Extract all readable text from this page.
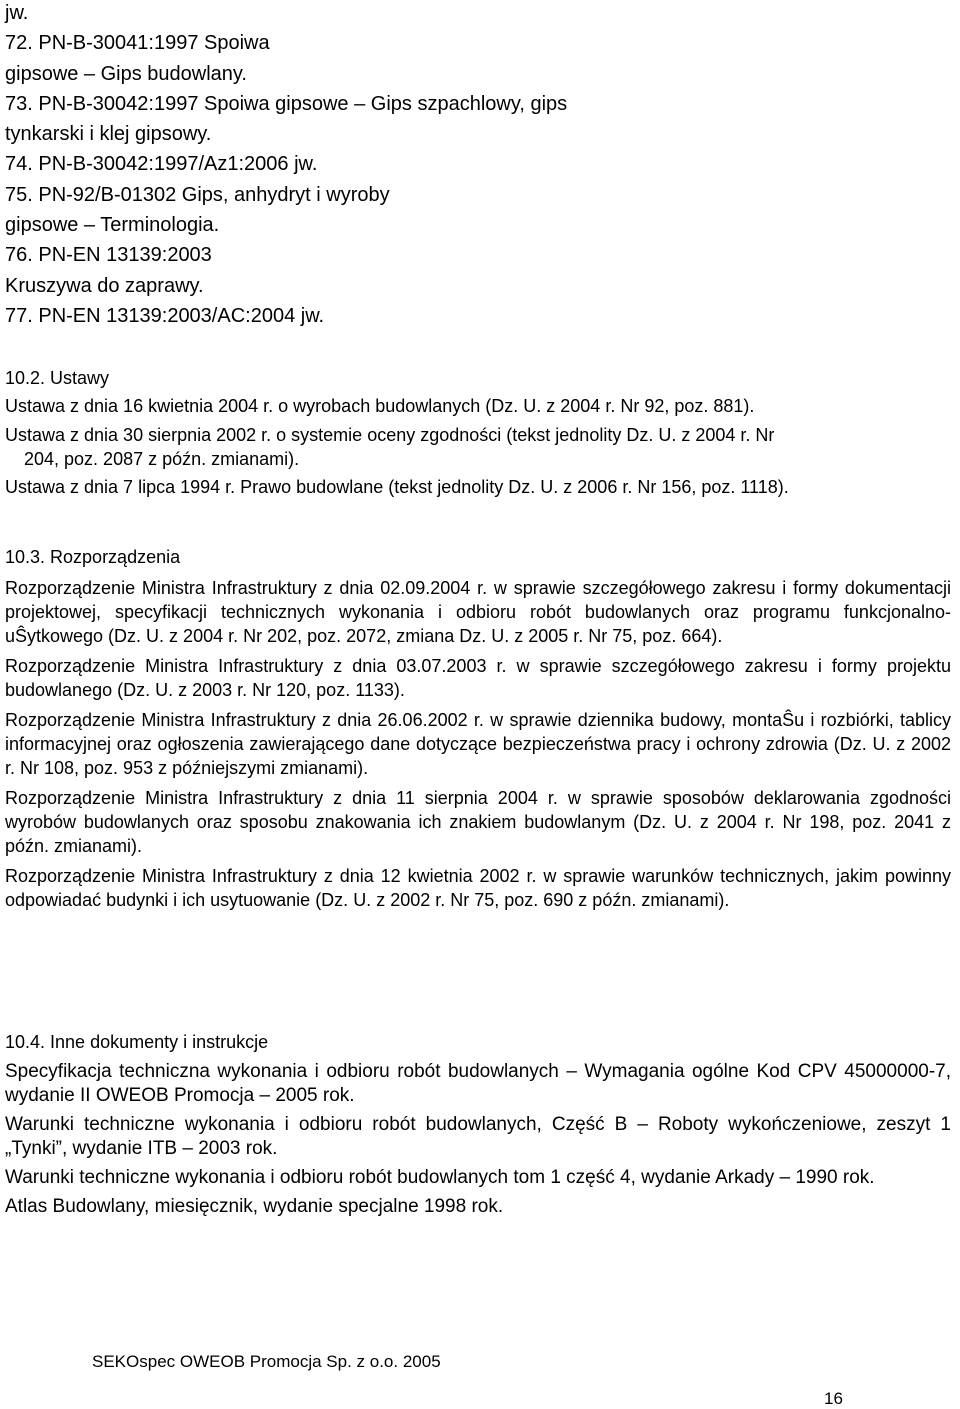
jw.
72. PN-B-30041:1997 Spoiwa
gipsowe – Gips budowlany.
73. PN-B-30042:1997 Spoiwa gipsowe – Gips szpachlowy, gips
tynkarski i klej gipsowy.
74. PN-B-30042:1997/Az1:2006 jw.
75. PN-92/B-01302 Gips, anhydryt i wyroby
gipsowe – Terminologia.
76. PN-EN 13139:2003
Kruszywa do zaprawy.
77. PN-EN 13139:2003/AC:2004 jw.
10.2. Ustawy
Ustawa z dnia 16 kwietnia 2004 r. o wyrobach budowlanych (Dz. U. z 2004 r. Nr 92, poz. 881).
Ustawa z dnia 30 sierpnia 2002 r. o systemie oceny zgodności (tekst jednolity Dz. U. z 2004 r. Nr
204, poz. 2087 z późn. zmianami).
Ustawa z dnia 7 lipca 1994 r. Prawo budowlane (tekst jednolity Dz. U. z 2006 r. Nr 156, poz. 1118).
10.3. Rozporządzenia
Rozporządzenie Ministra Infrastruktury z dnia 02.09.2004 r. w sprawie szczegółowego zakresu i formy dokumentacji projektowej, specyfikacji technicznych wykonania i odbioru robót budowlanych oraz programu funkcjonalno-uŜytkowego (Dz. U. z 2004 r. Nr 202, poz. 2072, zmiana Dz. U. z 2005 r. Nr 75, poz. 664).
Rozporządzenie Ministra Infrastruktury z dnia 03.07.2003 r. w sprawie szczegółowego zakresu i formy projektu budowlanego (Dz. U. z 2003 r. Nr 120, poz. 1133).
Rozporządzenie Ministra Infrastruktury z dnia 26.06.2002 r. w sprawie dziennika budowy, montaŜu i rozbiórki, tablicy informacyjnej oraz ogłoszenia zawierającego dane dotyczące bezpieczeństwa pracy i ochrony zdrowia (Dz. U. z 2002 r. Nr 108, poz. 953 z późniejszymi zmianami).
Rozporządzenie Ministra Infrastruktury z dnia 11 sierpnia 2004 r. w sprawie sposobów deklarowania zgodności wyrobów budowlanych oraz sposobu znakowania ich znakiem budowlanym (Dz. U. z 2004 r. Nr 198, poz. 2041 z późn. zmianami).
Rozporządzenie Ministra Infrastruktury z dnia 12 kwietnia 2002 r. w sprawie warunków technicznych, jakim powinny odpowiadać budynki i ich usytuowanie (Dz. U. z 2002 r. Nr 75, poz. 690 z późn. zmianami).
10.4. Inne dokumenty i instrukcje
Specyfikacja techniczna wykonania i odbioru robót budowlanych – Wymagania ogólne Kod CPV 45000000-7, wydanie II OWEOB Promocja – 2005 rok.
Warunki techniczne wykonania i odbioru robót budowlanych, Część B – Roboty wykończeniowe, zeszyt 1 „Tynki”, wydanie ITB – 2003 rok.
Warunki techniczne wykonania i odbioru robót budowlanych tom 1 część 4, wydanie Arkady – 1990 rok.
Atlas Budowlany, miesięcznik, wydanie specjalne 1998 rok.
SEKOspec OWEOB Promocja Sp. z o.o. 2005
16
